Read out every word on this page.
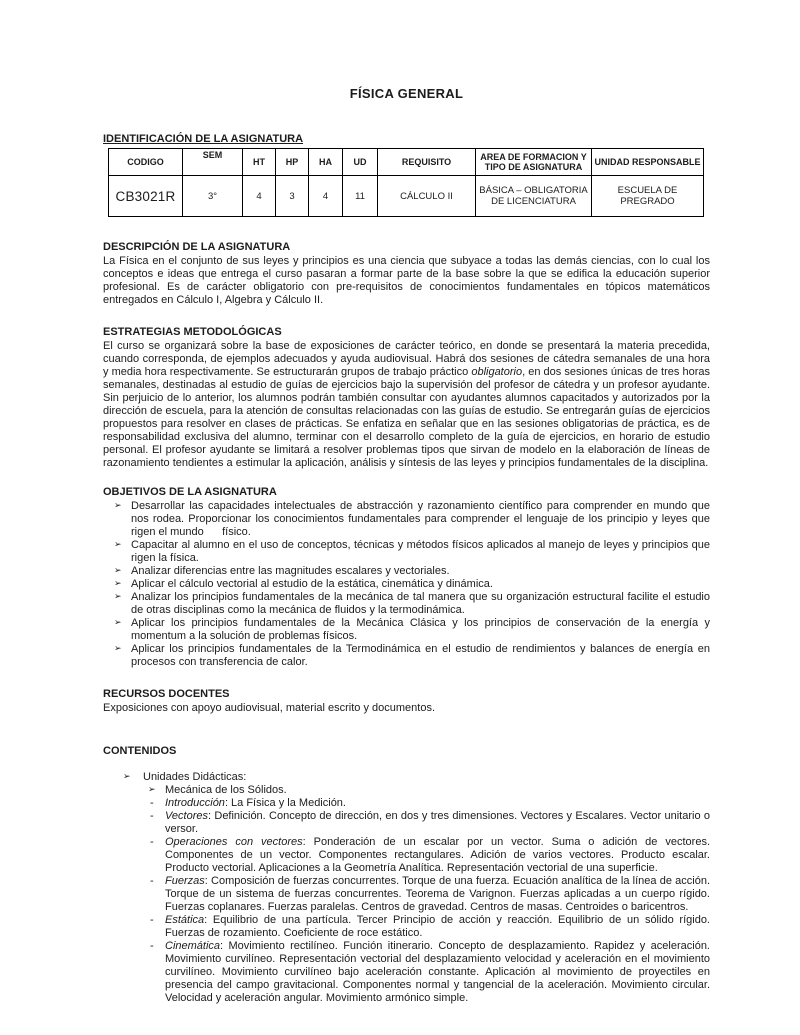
FÍSICA GENERAL
IDENTIFICACIÓN DE LA ASIGNATURA
CODIGO	SEM	HT	HP	HA	UD	REQUISITO	AREA DE FORMACION Y TIPO DE ASIGNATURA	UNIDAD RESPONSABLE
CB3021R	3°	4	3	4	11	CÁLCULO II	BÁSICA – OBLIGATORIA DE LICENCIATURA	ESCUELA DE PREGRADO
DESCRIPCIÓN DE LA ASIGNATURA

La Física en el conjunto de sus leyes y principios es una ciencia que subyace a todas las demás ciencias, con lo cual los conceptos e ideas que entrega el curso pasaran a formar parte de la base sobre la que se edifica la educación superior profesional. Es de carácter obligatorio con pre-requisitos de conocimientos fundamentales en tópicos matemáticos entregados en Cálculo I, Algebra y Cálculo II.

ESTRATEGIAS METODOLÓGICAS

El curso se organizará sobre la base de exposiciones de carácter teórico, en donde se presentará la materia precedida, cuando corresponda, de ejemplos adecuados y ayuda audiovisual. Habrá dos sesiones de cátedra semanales de una hora y media hora respectivamente. Se estructurarán grupos de trabajo práctico obligatorio, en dos sesiones únicas de tres horas semanales, destinadas al estudio de guías de ejercicios bajo la supervisión del profesor de cátedra y un profesor ayudante. Sin perjuicio de lo anterior, los alumnos podrán también consultar con ayudantes alumnos capacitados y autorizados por la dirección de escuela, para la atención de consultas relacionadas con las guías de estudio. Se entregarán guías de ejercicios propuestos para resolver en clases de prácticas. Se enfatiza en señalar que en las sesiones obligatorias de práctica, es de responsabilidad exclusiva del alumno, terminar con el desarrollo completo de la guía de ejercicios, en horario de estudio personal. El profesor ayudante se limitará a resolver problemas tipos que sirvan de modelo en la elaboración de líneas de razonamiento tendientes a estimular la aplicación, análisis y síntesis de las leyes y principios fundamentales de la disciplina.

OBJETIVOS DE LA ASIGNATURA
➢ Desarrollar las capacidades intelectuales de abstracción y razonamiento científico para comprender en mundo que nos rodea. Proporcionar los conocimientos fundamentales para comprender el lenguaje de los principio y leyes que rigen el mundo      físico.
➢ Capacitar al alumno en el uso de conceptos, técnicas y métodos físicos aplicados al manejo de leyes y principios que rigen la física.
➢ Analizar diferencias entre las magnitudes escalares y vectoriales.
➢ Aplicar el cálculo vectorial al estudio de la estática, cinemática y dinámica.
➢ Analizar los principios fundamentales de la mecánica de tal manera que su organización estructural facilite el estudio de otras disciplinas como la mecánica de fluidos y la termodinámica.
➢ Aplicar los principios fundamentales de la Mecánica Clásica y los principios de conservación de la energía y momentum a la solución de problemas físicos.
➢ Aplicar los principios fundamentales de la Termodinámica en el estudio de rendimientos y balances de energía en procesos con transferencia de calor.
RECURSOS DOCENTES

Exposiciones con apoyo audiovisual, material escrito y documentos.

CONTENIDOS
➢	Unidades Didácticas:
➢ Mecánica de los Sólidos.
-	Introducción: La Física y la Medición.
-	Vectores: Definición. Concepto de dirección, en dos y tres dimensiones. Vectores y Escalares. Vector unitario o versor.
-	Operaciones con vectores: Ponderación de un escalar por un vector. Suma o adición de vectores. Componentes de un vector. Componentes rectangulares. Adición de varios vectores. Producto escalar. Producto vectorial. Aplicaciones a la Geometría Analítica. Representación vectorial de una superficie.
-	Fuerzas: Composición de fuerzas concurrentes. Torque de una fuerza. Ecuación analítica de la línea de acción. Torque de un sistema de fuerzas concurrentes. Teorema de Varignon. Fuerzas aplicadas a un cuerpo rígido. Fuerzas coplanares. Fuerzas paralelas. Centros de gravedad. Centros de masas. Centroides o baricentros.
-	Estática: Equilibrio de una partícula. Tercer Principio de acción y reacción. Equilibrio de un sólido rígido. Fuerzas de rozamiento. Coeficiente de roce estático.
-	Cinemática: Movimiento rectilíneo. Función itinerario. Concepto de desplazamiento. Rapidez y aceleración. Movimiento curvilíneo. Representación vectorial del desplazamiento velocidad y aceleración en el movimiento curvilíneo. Movimiento curvilíneo bajo aceleración constante. Aplicación al movimiento de proyectiles en presencia del campo gravitacional. Componentes normal y tangencial de la aceleración. Movimiento circular. Velocidad y aceleración angular. Movimiento armónico simple.
